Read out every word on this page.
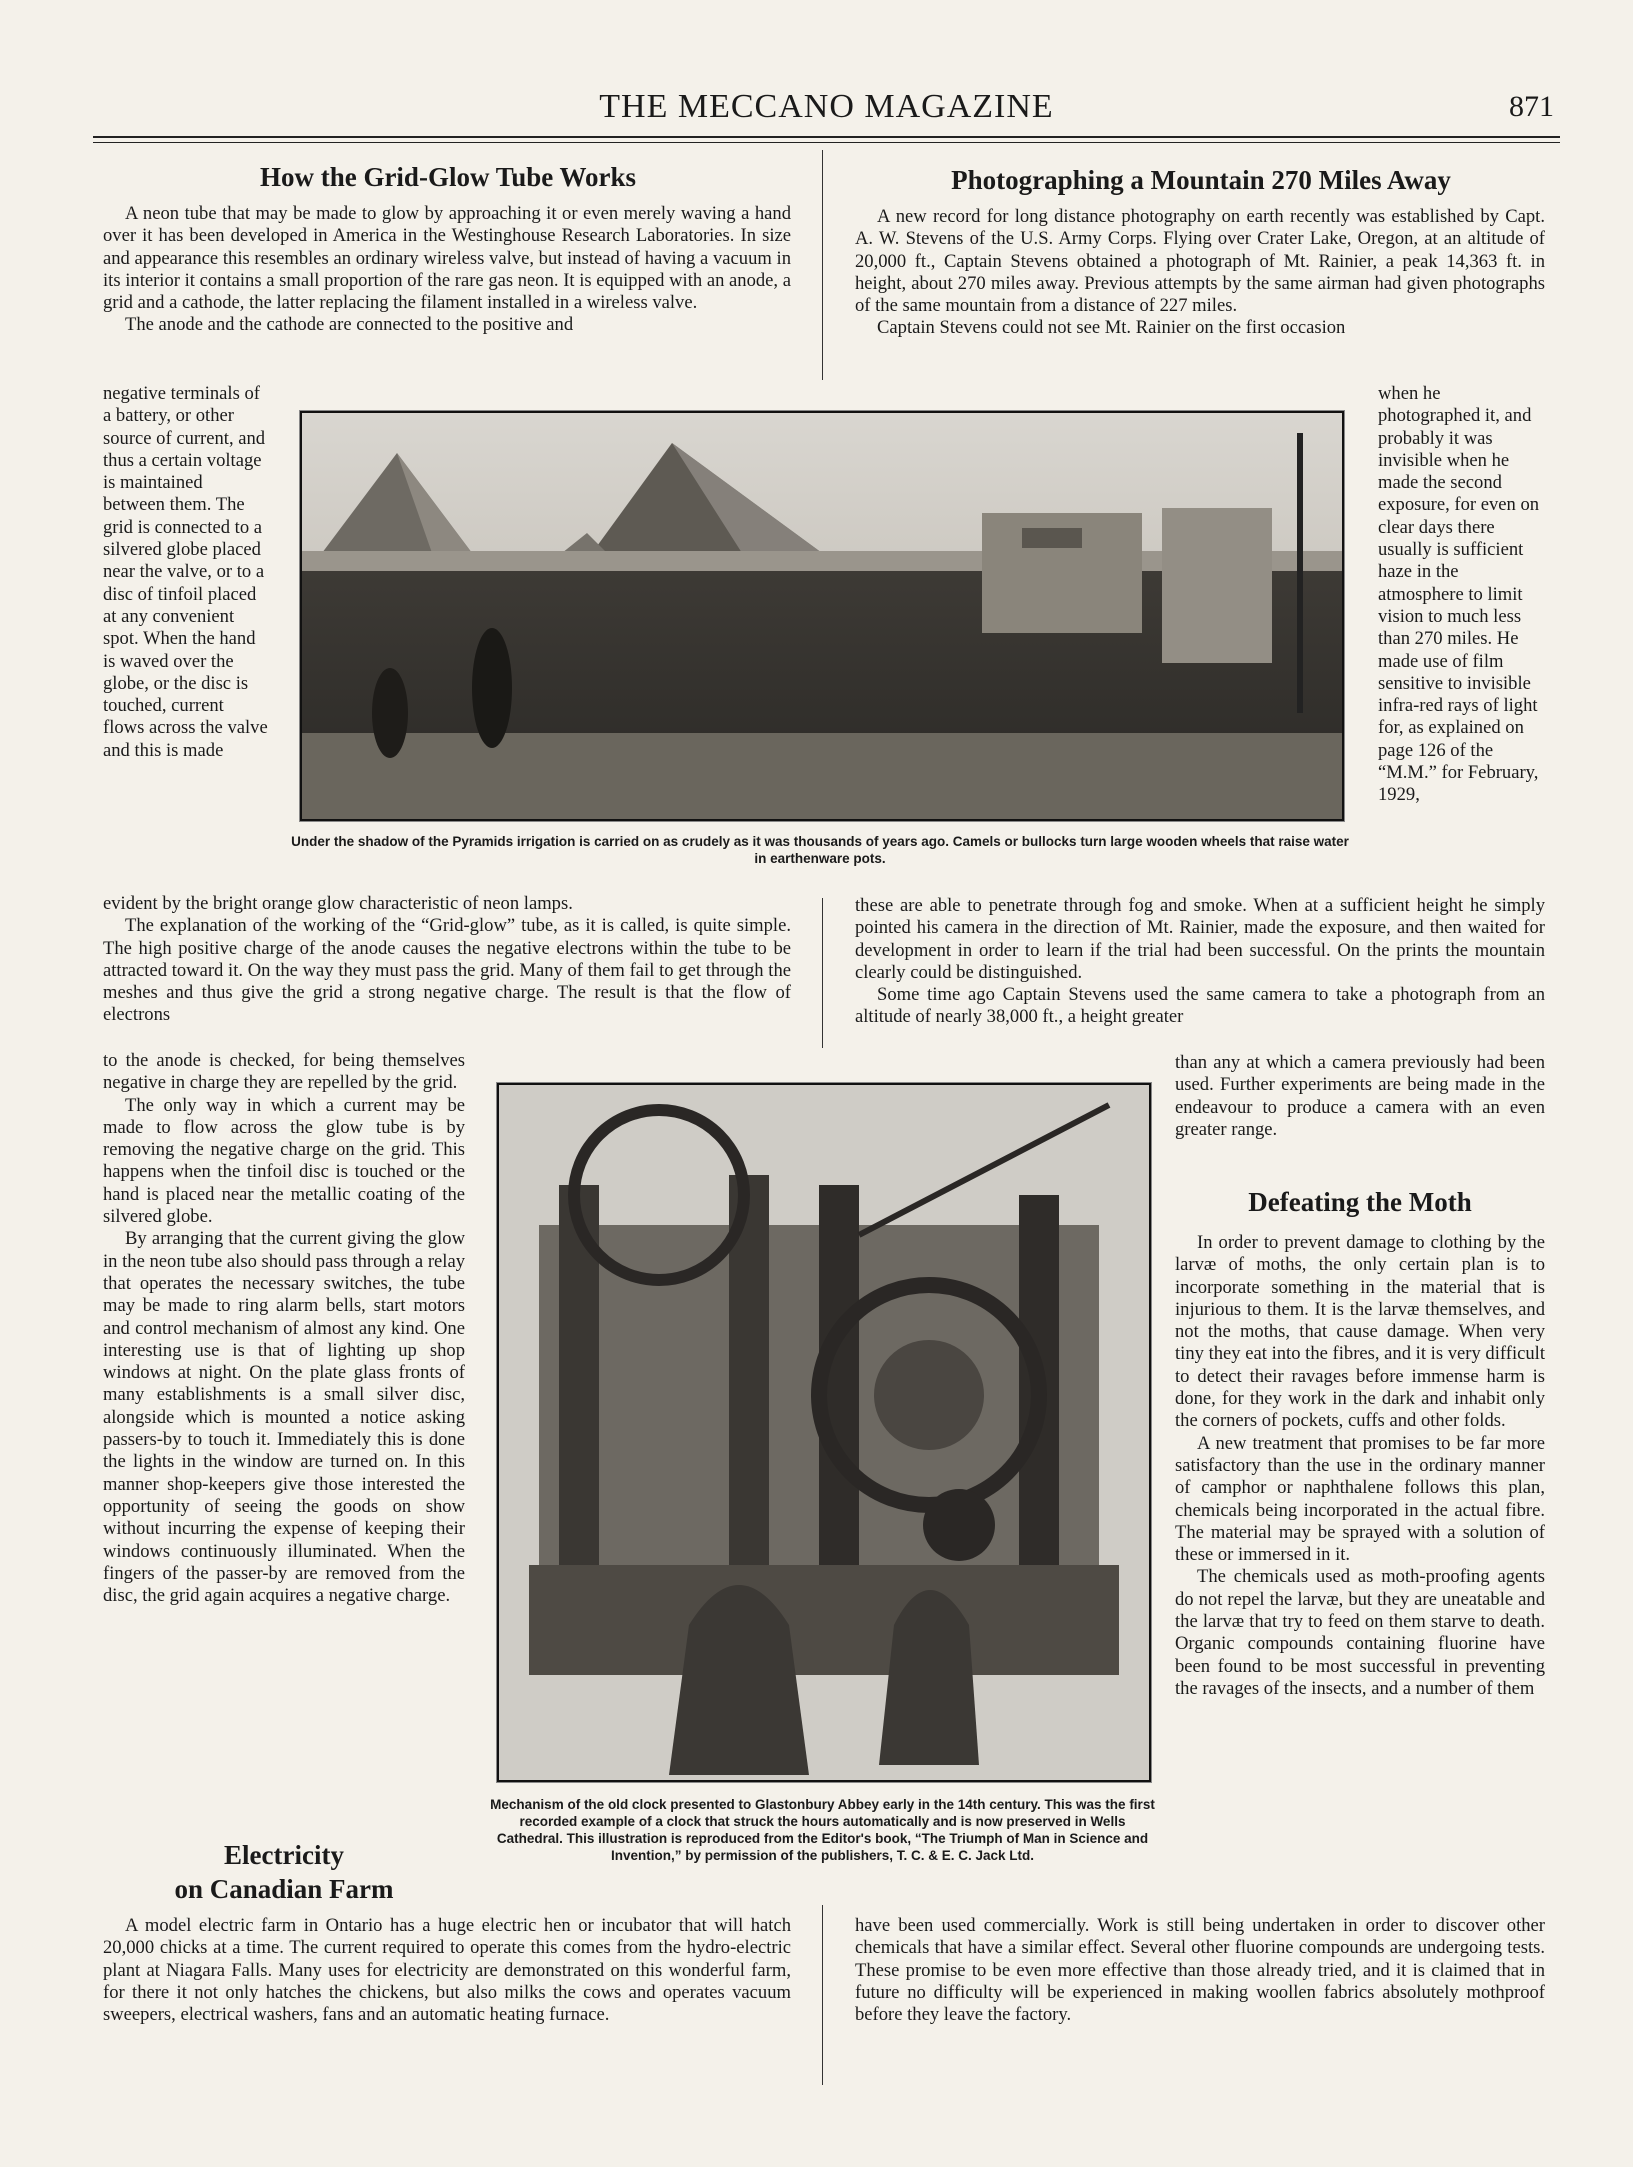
THE MECCANO MAGAZINE	871
How the Grid-Glow Tube Works

A neon tube that may be made to glow by approaching it or even merely waving a hand over it has been developed in America in the Westinghouse Research Laboratories. In size and appearance this resembles an ordinary wireless valve, but instead of having a vacuum in its interior it contains a small proportion of the rare gas neon. It is equipped with an anode, a grid and a cathode, the latter replacing the filament installed in a wireless valve.

The anode and the cathode are connected to the positive and

negative terminals of a battery, or other source of current, and thus a certain voltage is maintained between them. The grid is connected to a silvered globe placed near the valve, or to a disc of tinfoil placed at any convenient spot. When the hand is waved over the globe, or the disc is touched, current flows across the valve and this is made

Under the shadow of the Pyramids irrigation is carried on as crudely as it was thousands of years ago. Camels or bullocks turn large wooden wheels that raise water in earthenware pots.

when he photographed it, and probably it was invisible when he made the second exposure, for even on clear days there usually is sufficient haze in the atmosphere to limit vision to much less than 270 miles. He made use of film sensitive to invisible infra-red rays of light for, as explained on page 126 of the “M.M.” for February, 1929,

evident by the bright orange glow characteristic of neon lamps.

The explanation of the working of the “Grid-glow” tube, as it is called, is quite simple. The high positive charge of the anode causes the negative electrons within the tube to be attracted toward it. On the way they must pass the grid. Many of them fail to get through the meshes and thus give the grid a strong negative charge. The result is that the flow of electrons

to the anode is checked, for being themselves negative in charge they are repelled by the grid.

The only way in which a current may be made to flow across the glow tube is by removing the negative charge on the grid. This happens when the tinfoil disc is touched or the hand is placed near the metallic coating of the silvered globe.

By arranging that the current giving the glow in the neon tube also should pass through a relay that operates the necessary switches, the tube may be made to ring alarm bells, start motors and control mechanism of almost any kind. One interesting use is that of lighting up shop windows at night. On the plate glass fronts of many establishments is a small silver disc, alongside which is mounted a notice asking passers-by to touch it. Immediately this is done the lights in the window are turned on. In this manner shop-keepers give those interested the opportunity of seeing the goods on show without incurring the expense of keeping their windows continuously illuminated. When the fingers of the passer-by are removed from the disc, the grid again acquires a negative charge.

Electricity
on Canadian Farm

A model electric farm in Ontario has a huge electric hen or incubator that will hatch 20,000 chicks at a time. The current required to operate this comes from the hydro-electric plant at Niagara Falls. Many uses for electricity are demonstrated on this wonderful farm, for there it not only hatches the chickens, but also milks the cows and operates vacuum sweepers, electrical washers, fans and an automatic heating furnace.

Photographing a Mountain 270 Miles Away

A new record for long distance photography on earth recently was established by Capt. A. W. Stevens of the U.S. Army Corps. Flying over Crater Lake, Oregon, at an altitude of 20,000 ft., Captain Stevens obtained a photograph of Mt. Rainier, a peak 14,363 ft. in height, about 270 miles away. Previous attempts by the same airman had given photographs of the same mountain from a distance of 227 miles.

Captain Stevens could not see Mt. Rainier on the first occasion

these are able to penetrate through fog and smoke. When at a sufficient height he simply pointed his camera in the direction of Mt. Rainier, made the exposure, and then waited for development in order to learn if the trial had been successful. On the prints the mountain clearly could be distinguished.

Some time ago Captain Stevens used the same camera to take a photograph from an altitude of nearly 38,000 ft., a height greater

than any at which a camera previously had been used. Further experiments are being made in the endeavour to produce a camera with an even greater range.

Mechanism of the old clock presented to Glastonbury Abbey early in the 14th century. This was the first recorded example of a clock that struck the hours automatically and is now preserved in Wells Cathedral. This illustration is reproduced from the Editor's book, “The Triumph of Man in Science and Invention,” by permission of the publishers, T. C. & E. C. Jack Ltd.
Defeating the Moth

In order to prevent damage to clothing by the larvæ of moths, the only certain plan is to incorporate something in the material that is injurious to them. It is the larvæ themselves, and not the moths, that cause damage. When very tiny they eat into the fibres, and it is very difficult to detect their ravages before immense harm is done, for they work in the dark and inhabit only the corners of pockets, cuffs and other folds.

A new treatment that promises to be far more satisfactory than the use in the ordinary manner of camphor or naphthalene follows this plan, chemicals being incorporated in the actual fibre. The material may be sprayed with a solution of these or immersed in it.

The chemicals used as moth-proofing agents do not repel the larvæ, but they are uneatable and the larvæ that try to feed on them starve to death. Organic compounds containing fluorine have been found to be most successful in preventing the ravages of the insects, and a number of them

have been used commercially. Work is still being undertaken in order to discover other chemicals that have a similar effect. Several other fluorine compounds are undergoing tests. These promise to be even more effective than those already tried, and it is claimed that in future no difficulty will be experienced in making woollen fabrics absolutely mothproof before they leave the factory.
